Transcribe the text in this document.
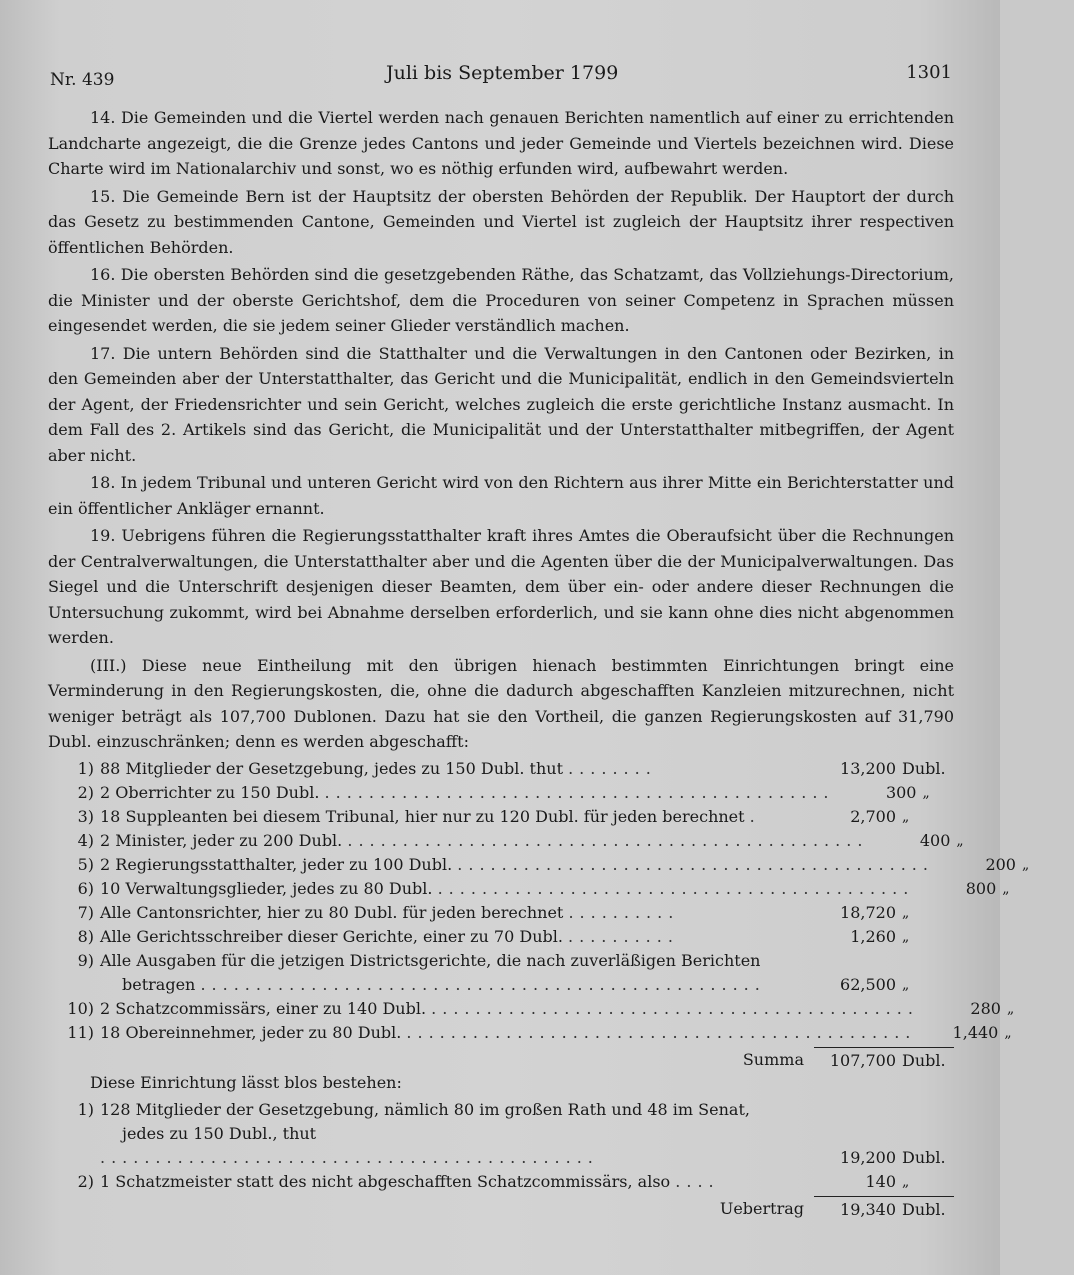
Nr. 439	Juli bis September 1799	1301

14. Die Gemeinden und die Viertel werden nach genauen Berichten namentlich auf einer zu errichtenden Landcharte angezeigt, die die Grenze jedes Cantons und jeder Gemeinde und Viertels bezeichnen wird. Diese Charte wird im Nationalarchiv und sonst, wo es nöthig erfunden wird, aufbewahrt werden.

15. Die Gemeinde Bern ist der Hauptsitz der obersten Behörden der Republik. Der Hauptort der durch das Gesetz zu bestimmenden Cantone, Gemeinden und Viertel ist zugleich der Hauptsitz ihrer respectiven öffentlichen Behörden.

16. Die obersten Behörden sind die gesetzgebenden Räthe, das Schatzamt, das Vollziehungs-Directorium, die Minister und der oberste Gerichtshof, dem die Proceduren von seiner Competenz in Sprachen müssen eingesendet werden, die sie jedem seiner Glieder verständlich machen.

17. Die untern Behörden sind die Statthalter und die Verwaltungen in den Cantonen oder Bezirken, in den Gemeinden aber der Unterstatthalter, das Gericht und die Municipalität, endlich in den Gemeindsvierteln der Agent, der Friedensrichter und sein Gericht, welches zugleich die erste gerichtliche Instanz ausmacht. In dem Fall des 2. Artikels sind das Gericht, die Municipalität und der Unterstatthalter mitbegriffen, der Agent aber nicht.

18. In jedem Tribunal und unteren Gericht wird von den Richtern aus ihrer Mitte ein Berichterstatter und ein öffentlicher Ankläger ernannt.

19. Uebrigens führen die Regierungsstatthalter kraft ihres Amtes die Oberaufsicht über die Rechnungen der Centralverwaltungen, die Unterstatthalter aber und die Agenten über die der Municipalverwaltungen. Das Siegel und die Unterschrift desjenigen dieser Beamten, dem über ein- oder andere dieser Rechnungen die Untersuchung zukommt, wird bei Abnahme derselben erforderlich, und sie kann ohne dies nicht abgenommen werden.

(III.) Diese neue Eintheilung mit den übrigen hienach bestimmten Einrichtungen bringt eine Verminderung in den Regierungskosten, die, ohne die dadurch abgeschafften Kanzleien mitzurechnen, nicht weniger beträgt als 107,700 Dublonen. Dazu hat sie den Vortheil, die ganzen Regierungskosten auf 31,790 Dubl. einzuschränken; denn es werden abgeschafft:

1) 88 Mitglieder der Gesetzgebung, jedes zu 150 Dubl. thut ........	13,200 Dubl.
2) 2 Oberrichter zu 150 Dubl. ..............................................	300 „
3) 18 Suppleanten bei diesem Tribunal, hier nur zu 120 Dubl. für jeden berechnet .	2,700 „
4) 2 Minister, jeder zu 200 Dubl. ...............................................	400 „
5) 2 Regierungsstatthalter, jeder zu 100 Dubl. ...........................................	200 „
6) 10 Verwaltungsglieder, jedes zu 80 Dubl. ...........................................	800 „
7) Alle Cantonsrichter, hier zu 80 Dubl. für jeden berechnet ..........	18,720 „
8) Alle Gerichtsschreiber dieser Gerichte, einer zu 70 Dubl. ..........	1,260 „
9) Alle Ausgaben für die jetzigen Districtsgerichte, die nach zuverläßigen Berichten
betragen ...................................................	62,500 „
10) 2 Schatzcommissärs, einer zu 140 Dubl. ............................................	280 „
11) 18 Obereinnehmer, jeder zu 80 Dubl. ..............................................	1,440 „
Summa	107,700 Dubl.
Diese Einrichtung lässt blos bestehen:
1) 128 Mitglieder der Gesetzgebung, nämlich 80 im großen Rath und 48 im Senat,
jedes zu 150 Dubl., thut .............................................	19,200 Dubl.
2) 1 Schatzmeister statt des nicht abgeschafften Schatzcommissärs, also ....	140 „
Uebertrag	19,340 Dubl.
